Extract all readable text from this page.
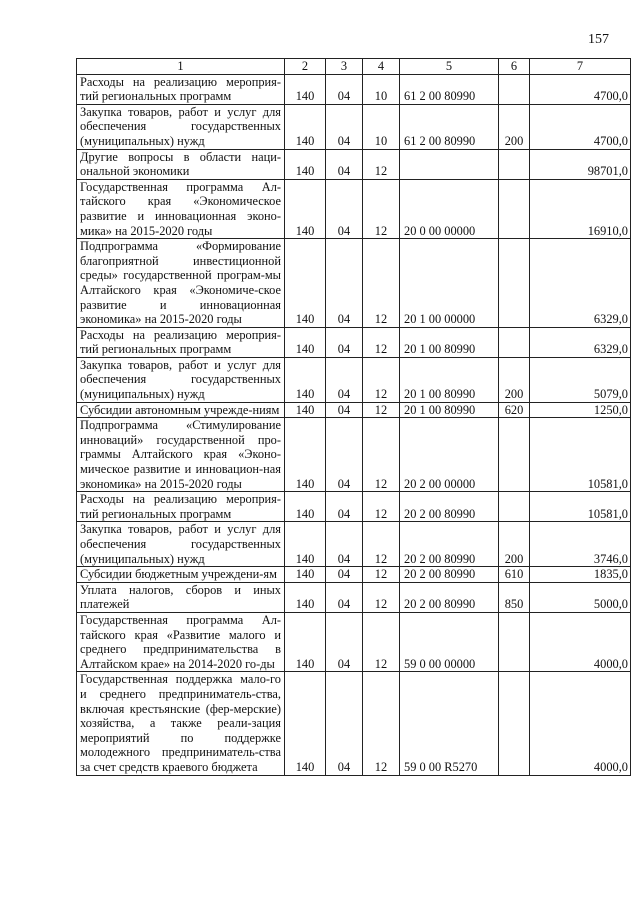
157
1	2	3	4	5	6	7
Расходы на реализацию мероприя-тий региональных программ	140	04	10	61 2 00 80990		4700,0
Закупка товаров, работ и услуг для обеспечения государственных (муниципальных) нужд	140	04	10	61 2 00 80990	200	4700,0
Другие вопросы в области наци-ональной экономики	140	04	12			98701,0
Государственная программа Ал-тайского края «Экономическое развитие и инновационная эконо-мика» на 2015-2020 годы	140	04	12	20 0 00 00000		16910,0
Подпрограмма «Формирование благоприятной инвестиционной среды» государственной програм-мы Алтайского края «Экономиче-ское развитие и инновационная экономика» на 2015-2020 годы	140	04	12	20 1 00 00000		6329,0
Расходы на реализацию мероприя-тий региональных программ	140	04	12	20 1 00 80990		6329,0
Закупка товаров, работ и услуг для обеспечения государственных (муниципальных) нужд	140	04	12	20 1 00 80990	200	5079,0
Субсидии автономным учрежде-ниям	140	04	12	20 1 00 80990	620	1250,0
Подпрограмма «Стимулирование инноваций» государственной про-граммы Алтайского края «Эконо-мическое развитие и инновацион-ная экономика» на 2015-2020 годы	140	04	12	20 2 00 00000		10581,0
Расходы на реализацию мероприя-тий региональных программ	140	04	12	20 2 00 80990		10581,0
Закупка товаров, работ и услуг для обеспечения государственных (муниципальных) нужд	140	04	12	20 2 00 80990	200	3746,0
Субсидии бюджетным учреждени-ям	140	04	12	20 2 00 80990	610	1835,0
Уплата налогов, сборов и иных платежей	140	04	12	20 2 00 80990	850	5000,0
Государственная программа Ал-тайского края «Развитие малого и среднего предпринимательства в Алтайском крае» на 2014-2020 го-ды	140	04	12	59 0 00 00000		4000,0
Государственная поддержка мало-го и среднего предприниматель-ства, включая крестьянские (фер-мерские) хозяйства, а также реали-зация мероприятий по поддержке молодежного предприниматель-ства за счет средств краевого бюджета	140	04	12	59 0 00 R5270		4000,0
